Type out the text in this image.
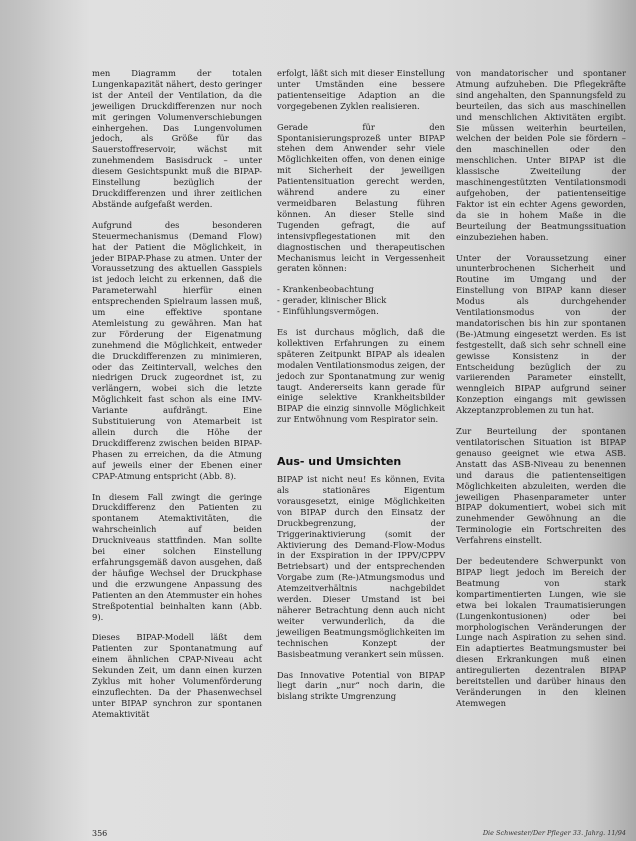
men Diagramm der totalen Lungenkapazität nähert, desto geringer ist der Anteil der Ventilation, da die jeweiligen Druckdifferenzen nur noch mit geringen Volumenverschiebungen einhergehen. Das Lungenvolumen jedoch, als Größe für das Sauerstoffreservoir, wächst mit zunehmendem Basisdruck – unter diesem Gesichtspunkt muß die BIPAP-Einstellung bezüglich der Druckdifferenzen und ihrer zeitlichen Abstände aufgefaßt werden.

Aufgrund des besonderen Steuermechanismus (Demand Flow) hat der Patient die Möglichkeit, in jeder BIPAP-Phase zu atmen. Unter der Voraussetzung des aktuellen Gasspiels ist jedoch leicht zu erkennen, daß die Parameterwahl hierfür einen entsprechenden Spielraum lassen muß, um eine effektive spontane Atemleistung zu gewähren. Man hat zur Förderung der Eigenatmung zunehmend die Möglichkeit, entweder die Druckdifferenzen zu minimieren, oder das Zeitintervall, welches den niedrigen Druck zugeordnet ist, zu verlängern, wobei sich die letzte Möglichkeit fast schon als eine IMV-Variante aufdrängt. Eine Substituierung von Atemarbeit ist allein durch die Höhe der Druckdifferenz zwischen beiden BIPAP-Phasen zu erreichen, da die Atmung auf jeweils einer der Ebenen einer CPAP-Atmung entspricht (Abb. 8).

In diesem Fall zwingt die geringe Druckdifferenz den Patienten zu spontanem Atemaktivitäten, die wahrscheinlich auf beiden Druckniveaus stattfinden. Man sollte bei einer solchen Einstellung erfahrungsgemäß davon ausgehen, daß der häufige Wechsel der Druckphase und die erzwungene Anpassung des Patienten an den Atemmuster ein hohes Streßpotential beinhalten kann (Abb. 9).

Dieses BIPAP-Modell läßt dem Patienten zur Spontanatmung auf einem ähnlichen CPAP-Niveau acht Sekunden Zeit, um dann einen kurzen Zyklus mit hoher Volumenförderung einzuflechten. Da der Phasenwechsel unter BIPAP synchron zur spontanen Atemaktivität

erfolgt, läßt sich mit dieser Einstellung unter Umständen eine bessere patientenseitige Adaption an die vorgegebenen Zyklen realisieren.

Gerade für den Spontanisierungsprozeß unter BIPAP stehen dem Anwender sehr viele Möglichkeiten offen, von denen einige mit Sicherheit der jeweiligen Patientensituation gerecht werden, während andere zu einer vermeidbaren Belastung führen können. An dieser Stelle sind Tugenden gefragt, die auf intensivpflegestationen mit den diagnostischen und therapeutischen Mechanismus leicht in Vergessenheit geraten können:

- Krankenbeobachtung
- gerader, klinischer Blick
- Einfühlungsvermögen.

Es ist durchaus möglich, daß die kollektiven Erfahrungen zu einem späteren Zeitpunkt BIPAP als idealen modalen Ventilationsmodus zeigen, der jedoch zur Spontanatmung zur wenig taugt. Andererseits kann gerade für einige selektive Krankheitsbilder BIPAP die einzig sinnvolle Möglichkeit zur Entwöhnung vom Respirator sein.

Aus- und Umsichten

BIPAP ist nicht neu! Es können, Evita als stationäres Eigentum vorausgesetzt, einige Möglichkeiten von BIPAP durch den Einsatz der Druckbegrenzung, der Triggerinaktivierung (somit der Aktivierung des Demand-Flow-Modus in der Exspiration in der IPPV/CPPV Betriebsart) und der entsprechenden Vorgabe zum (Re-)Atmungsmodus und Atemzeitverhältnis nachgebildet werden. Dieser Umstand ist bei näherer Betrachtung denn auch nicht weiter verwunderlich, da die jeweiligen Beatmungsmöglichkeiten im technischen Konzept der Basisbeatmung verankert sein müssen.

Das Innovative Potential von BIPAP liegt darin „nur“ noch darin, die bislang strikte Umgrenzung

von mandatorischer und spontaner Atmung aufzuheben. Die Pflegekräfte sind angehalten, den Spannungsfeld zu beurteilen, das sich aus maschinellen und menschlichen Aktivitäten ergibt. Sie müssen weiterhin beurteilen, welchen der beiden Pole sie fördern – den maschinellen oder den menschlichen. Unter BIPAP ist die klassische Zweiteilung der maschinengestützten Ventilationsmodi aufgehoben, der patientenseitige Faktor ist ein echter Agens geworden, da sie in hohem Maße in die Beurteilung der Beatmungssituation einzubeziehen haben.

Unter der Voraussetzung einer ununterbrochenen Sicherheit und Routine im Umgang und der Einstellung von BIPAP kann dieser Modus als durchgehender Ventilationsmodus von der mandatorischen bis hin zur spontanen (Be-)Atmung eingesetzt werden. Es ist festgestellt, daß sich sehr schnell eine gewisse Konsistenz in der Entscheidung bezüglich der zu variierenden Parameter einstellt, wenngleich BIPAP aufgrund seiner Konzeption eingangs mit gewissen Akzeptanzproblemen zu tun hat.

Zur Beurteilung der spontanen ventilatorischen Situation ist BIPAP genauso geeignet wie etwa ASB. Anstatt das ASB-Niveau zu benennen und daraus die patientenseitigen Möglichkeiten abzuleiten, werden die jeweiligen Phasenparameter unter BIPAP dokumentiert, wobei sich mit zunehmender Gewöhnung an die Terminologie ein Fortschreiten des Verfahrens einstellt.

Der bedeutendere Schwerpunkt von BIPAP liegt jedoch im Bereich der Beatmung von stark kompartimentierten Lungen, wie sie etwa bei lokalen Traumatisierungen (Lungenkontusionen) oder bei morphologischen Veränderungen der Lunge nach Aspiration zu sehen sind. Ein adaptiertes Beatmungsmuster bei diesen Erkrankungen muß einen antiregulierten dezentralen BIPAP bereitstellen und darüber hinaus den Veränderungen in den kleinen Atemwegen

356	Die Schwester/Der Pfleger 33. Jahrg. 11/94
